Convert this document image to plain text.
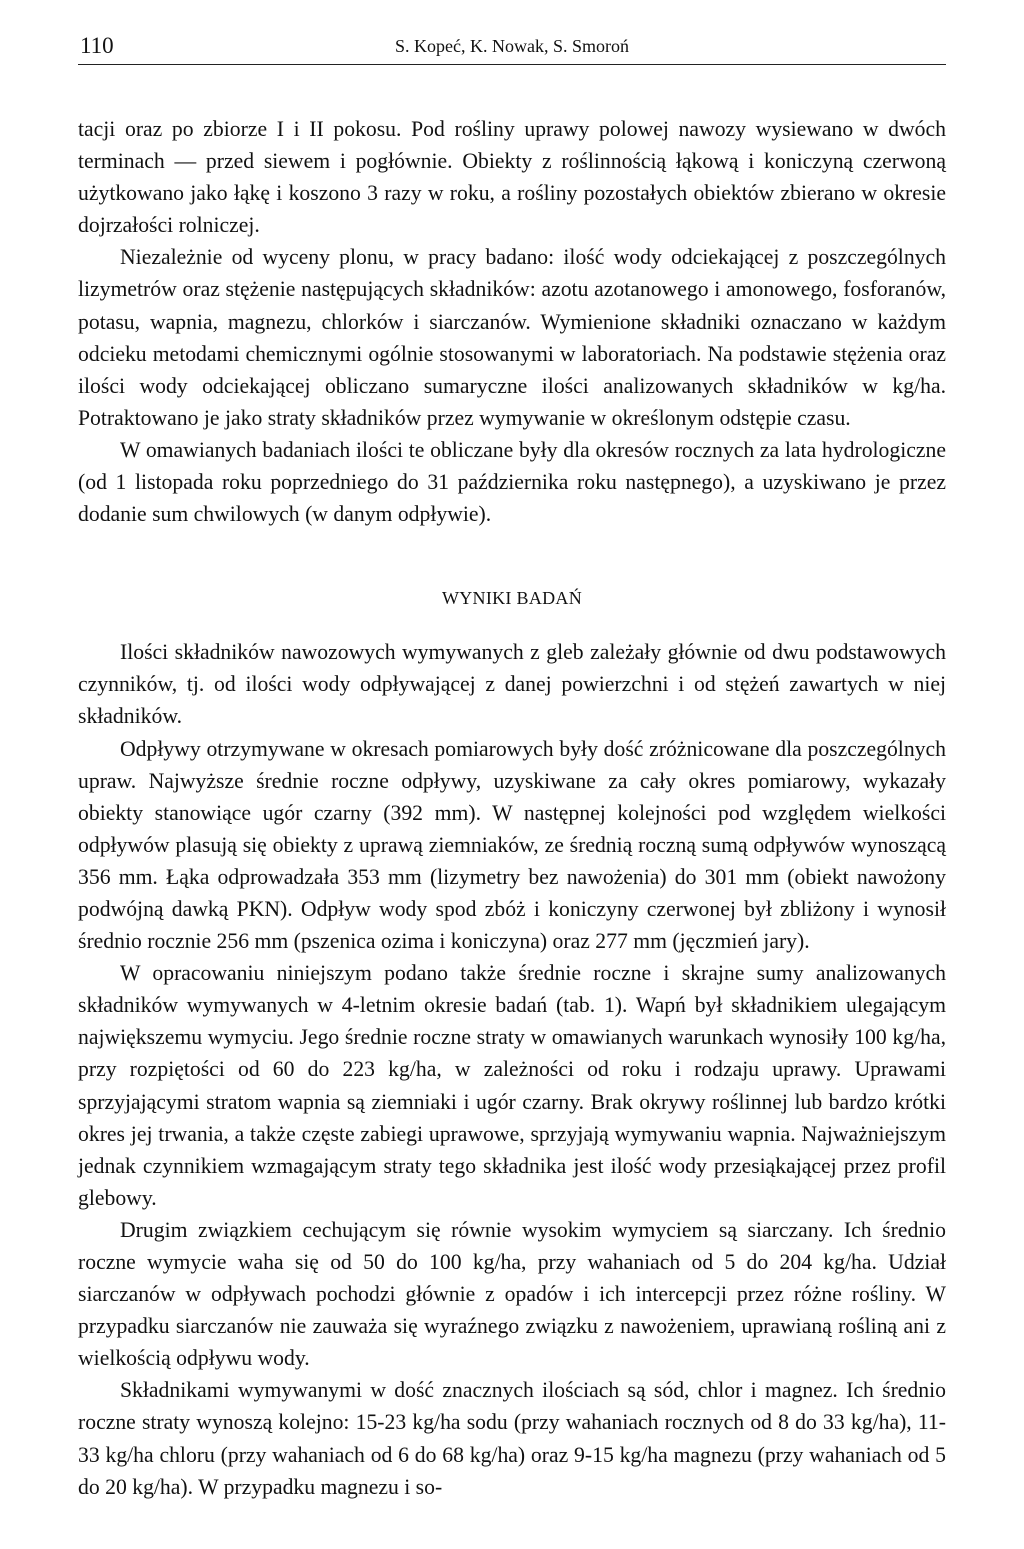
110	S. Kopeć, K. Nowak, S. Smoroń

tacji oraz po zbiorze I i II pokosu. Pod rośliny uprawy polowej nawozy wysiewano w dwóch terminach — przed siewem i pogłównie. Obiekty z roślinnością łąkową i koniczyną czerwoną użytkowano jako łąkę i koszono 3 razy w roku, a rośliny pozostałych obiektów zbierano w okresie dojrzałości rolniczej.

Niezależnie od wyceny plonu, w pracy badano: ilość wody odciekającej z poszczególnych lizymetrów oraz stężenie następujących składników: azotu azotanowego i amonowego, fosforanów, potasu, wapnia, magnezu, chlorków i siarczanów. Wymienione składniki oznaczano w każdym odcieku metodami chemicznymi ogólnie stosowanymi w laboratoriach. Na podstawie stężenia oraz ilości wody odciekającej obliczano sumaryczne ilości analizowanych składników w kg/ha. Potraktowano je jako straty składników przez wymywanie w określonym odstępie czasu.

W omawianych badaniach ilości te obliczane były dla okresów rocznych za lata hydrologiczne (od 1 listopada roku poprzedniego do 31 października roku następnego), a uzyskiwano je przez dodanie sum chwilowych (w danym odpływie).

WYNIKI BADAŃ

Ilości składników nawozowych wymywanych z gleb zależały głównie od dwu podstawowych czynników, tj. od ilości wody odpływającej z danej powierzchni i od stężeń zawartych w niej składników.

Odpływy otrzymywane w okresach pomiarowych były dość zróżnicowane dla poszczególnych upraw. Najwyższe średnie roczne odpływy, uzyskiwane za cały okres pomiarowy, wykazały obiekty stanowiące ugór czarny (392 mm). W następnej kolejności pod względem wielkości odpływów plasują się obiekty z uprawą ziemniaków, ze średnią roczną sumą odpływów wynoszącą 356 mm. Łąka odprowadzała 353 mm (lizymetry bez nawożenia) do 301 mm (obiekt nawożony podwójną dawką PKN). Odpływ wody spod zbóż i koniczyny czerwonej był zbliżony i wynosił średnio rocznie 256 mm (pszenica ozima i koniczyna) oraz 277 mm (jęczmień jary).

W opracowaniu niniejszym podano także średnie roczne i skrajne sumy analizowanych składników wymywanych w 4-letnim okresie badań (tab. 1). Wapń był składnikiem ulegającym największemu wymyciu. Jego średnie roczne straty w omawianych warunkach wynosiły 100 kg/ha, przy rozpiętości od 60 do 223 kg/ha, w zależności od roku i rodzaju uprawy. Uprawami sprzyjającymi stratom wapnia są ziemniaki i ugór czarny. Brak okrywy roślinnej lub bardzo krótki okres jej trwania, a także częste zabiegi uprawowe, sprzyjają wymywaniu wapnia. Najważniejszym jednak czynnikiem wzmagającym straty tego składnika jest ilość wody przesiąkającej przez profil glebowy.

Drugim związkiem cechującym się równie wysokim wymyciem są siarczany. Ich średnio roczne wymycie waha się od 50 do 100 kg/ha, przy wahaniach od 5 do 204 kg/ha. Udział siarczanów w odpływach pochodzi głównie z opadów i ich intercepcji przez różne rośliny. W przypadku siarczanów nie zauważa się wyraźnego związku z nawożeniem, uprawianą rośliną ani z wielkością odpływu wody.

Składnikami wymywanymi w dość znacznych ilościach są sód, chlor i magnez. Ich średnio roczne straty wynoszą kolejno: 15-23 kg/ha sodu (przy wahaniach rocznych od 8 do 33 kg/ha), 11-33 kg/ha chloru (przy wahaniach od 6 do 68 kg/ha) oraz 9-15 kg/ha magnezu (przy wahaniach od 5 do 20 kg/ha). W przypadku magnezu i so-
